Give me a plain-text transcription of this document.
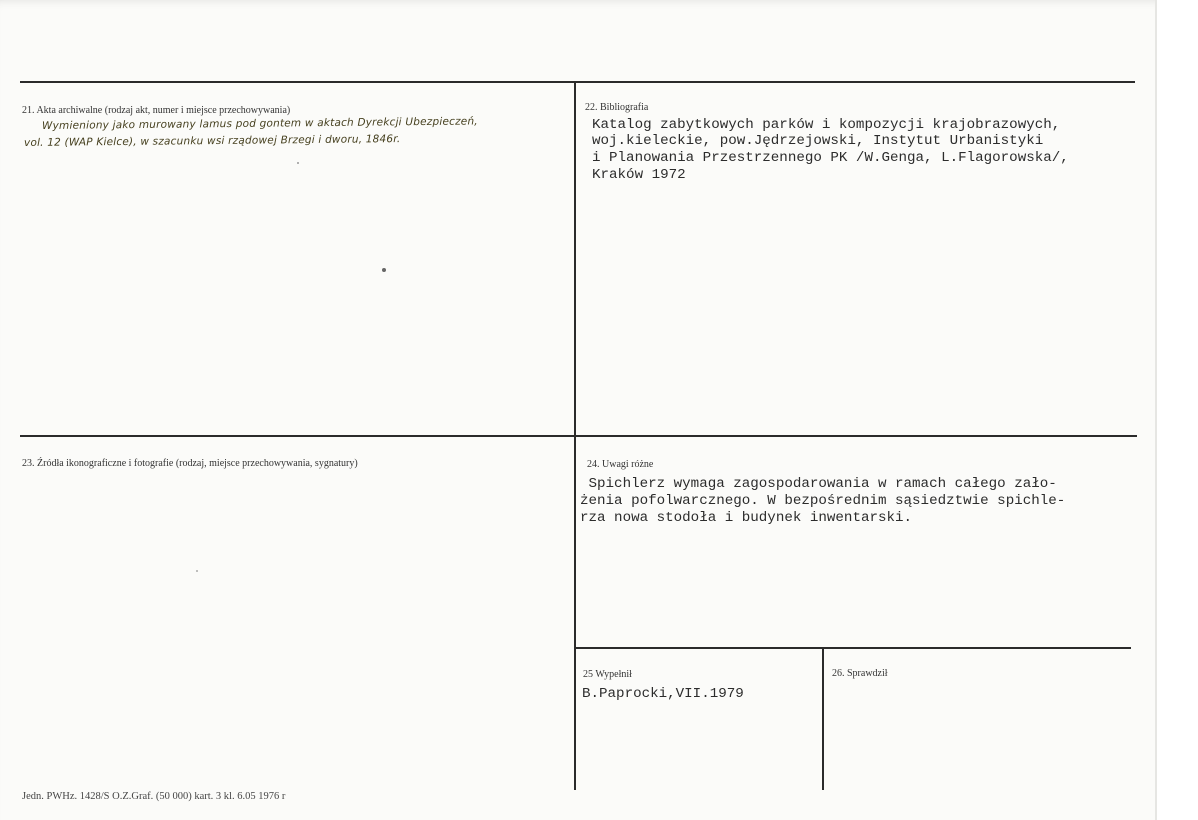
21. Akta archiwalne (rodzaj akt, numer i miejsce przechowywania)
Wymieniony jako murowany lamus pod gontem w aktach Dyrekcji Ubezpieczeń,
vol. 12 (WAP Kielce), w szacunku wsi rządowej Brzegi i dworu, 1846r.
22. Bibliografia
Katalog zabytkowych parków i kompozycji krajobrazowych,
woj.kieleckie, pow.Jędrzejowski, Instytut Urbanistyki
i Planowania Przestrzennego PK /W.Genga, L.Flagorowska/,
Kraków 1972
23. Źródła ikonograficzne i fotografie (rodzaj, miejsce przechowywania, sygnatury)	24. Uwagi różne
Spichlerz wymaga zagospodarowania w ramach całego zało-
żenia pofolwarcznego. W bezpośrednim sąsiedztwie spichle-
rza nowa stodoła i budynek inwentarski.
25 Wypełnił
B.Paprocki,VII.1979
26. Sprawdził
Jedn. PWHz. 1428/S O.Z.Graf. (50 000) kart. 3 kl. 6.05 1976 r
